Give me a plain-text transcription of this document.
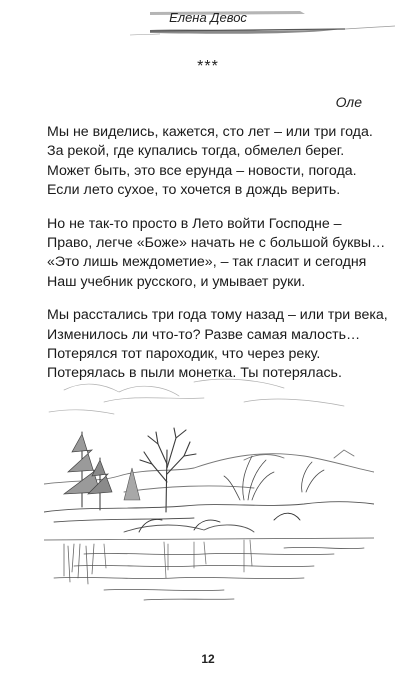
Елена Девос
***
Оле
Мы не виделись, кажется, сто лет – или три года.
За рекой, где купались тогда, обмелел берег.
Может быть, это все ерунда – новости, погода.
Если лето сухое, то хочется в дождь верить.
Но не так-то просто в Лето войти Господне –
Право, легче «Боже» начать не с большой буквы…
«Это лишь междометие», – так гласит и сегодня
Наш учебник русского, и умывает руки.
Мы расстались три года тому назад – или три века,
Изменилось ли что-то? Разве самая малость…
Потерялся тот пароходик, что через реку.
Потерялась в пыли монетка. Ты потерялась.
12
